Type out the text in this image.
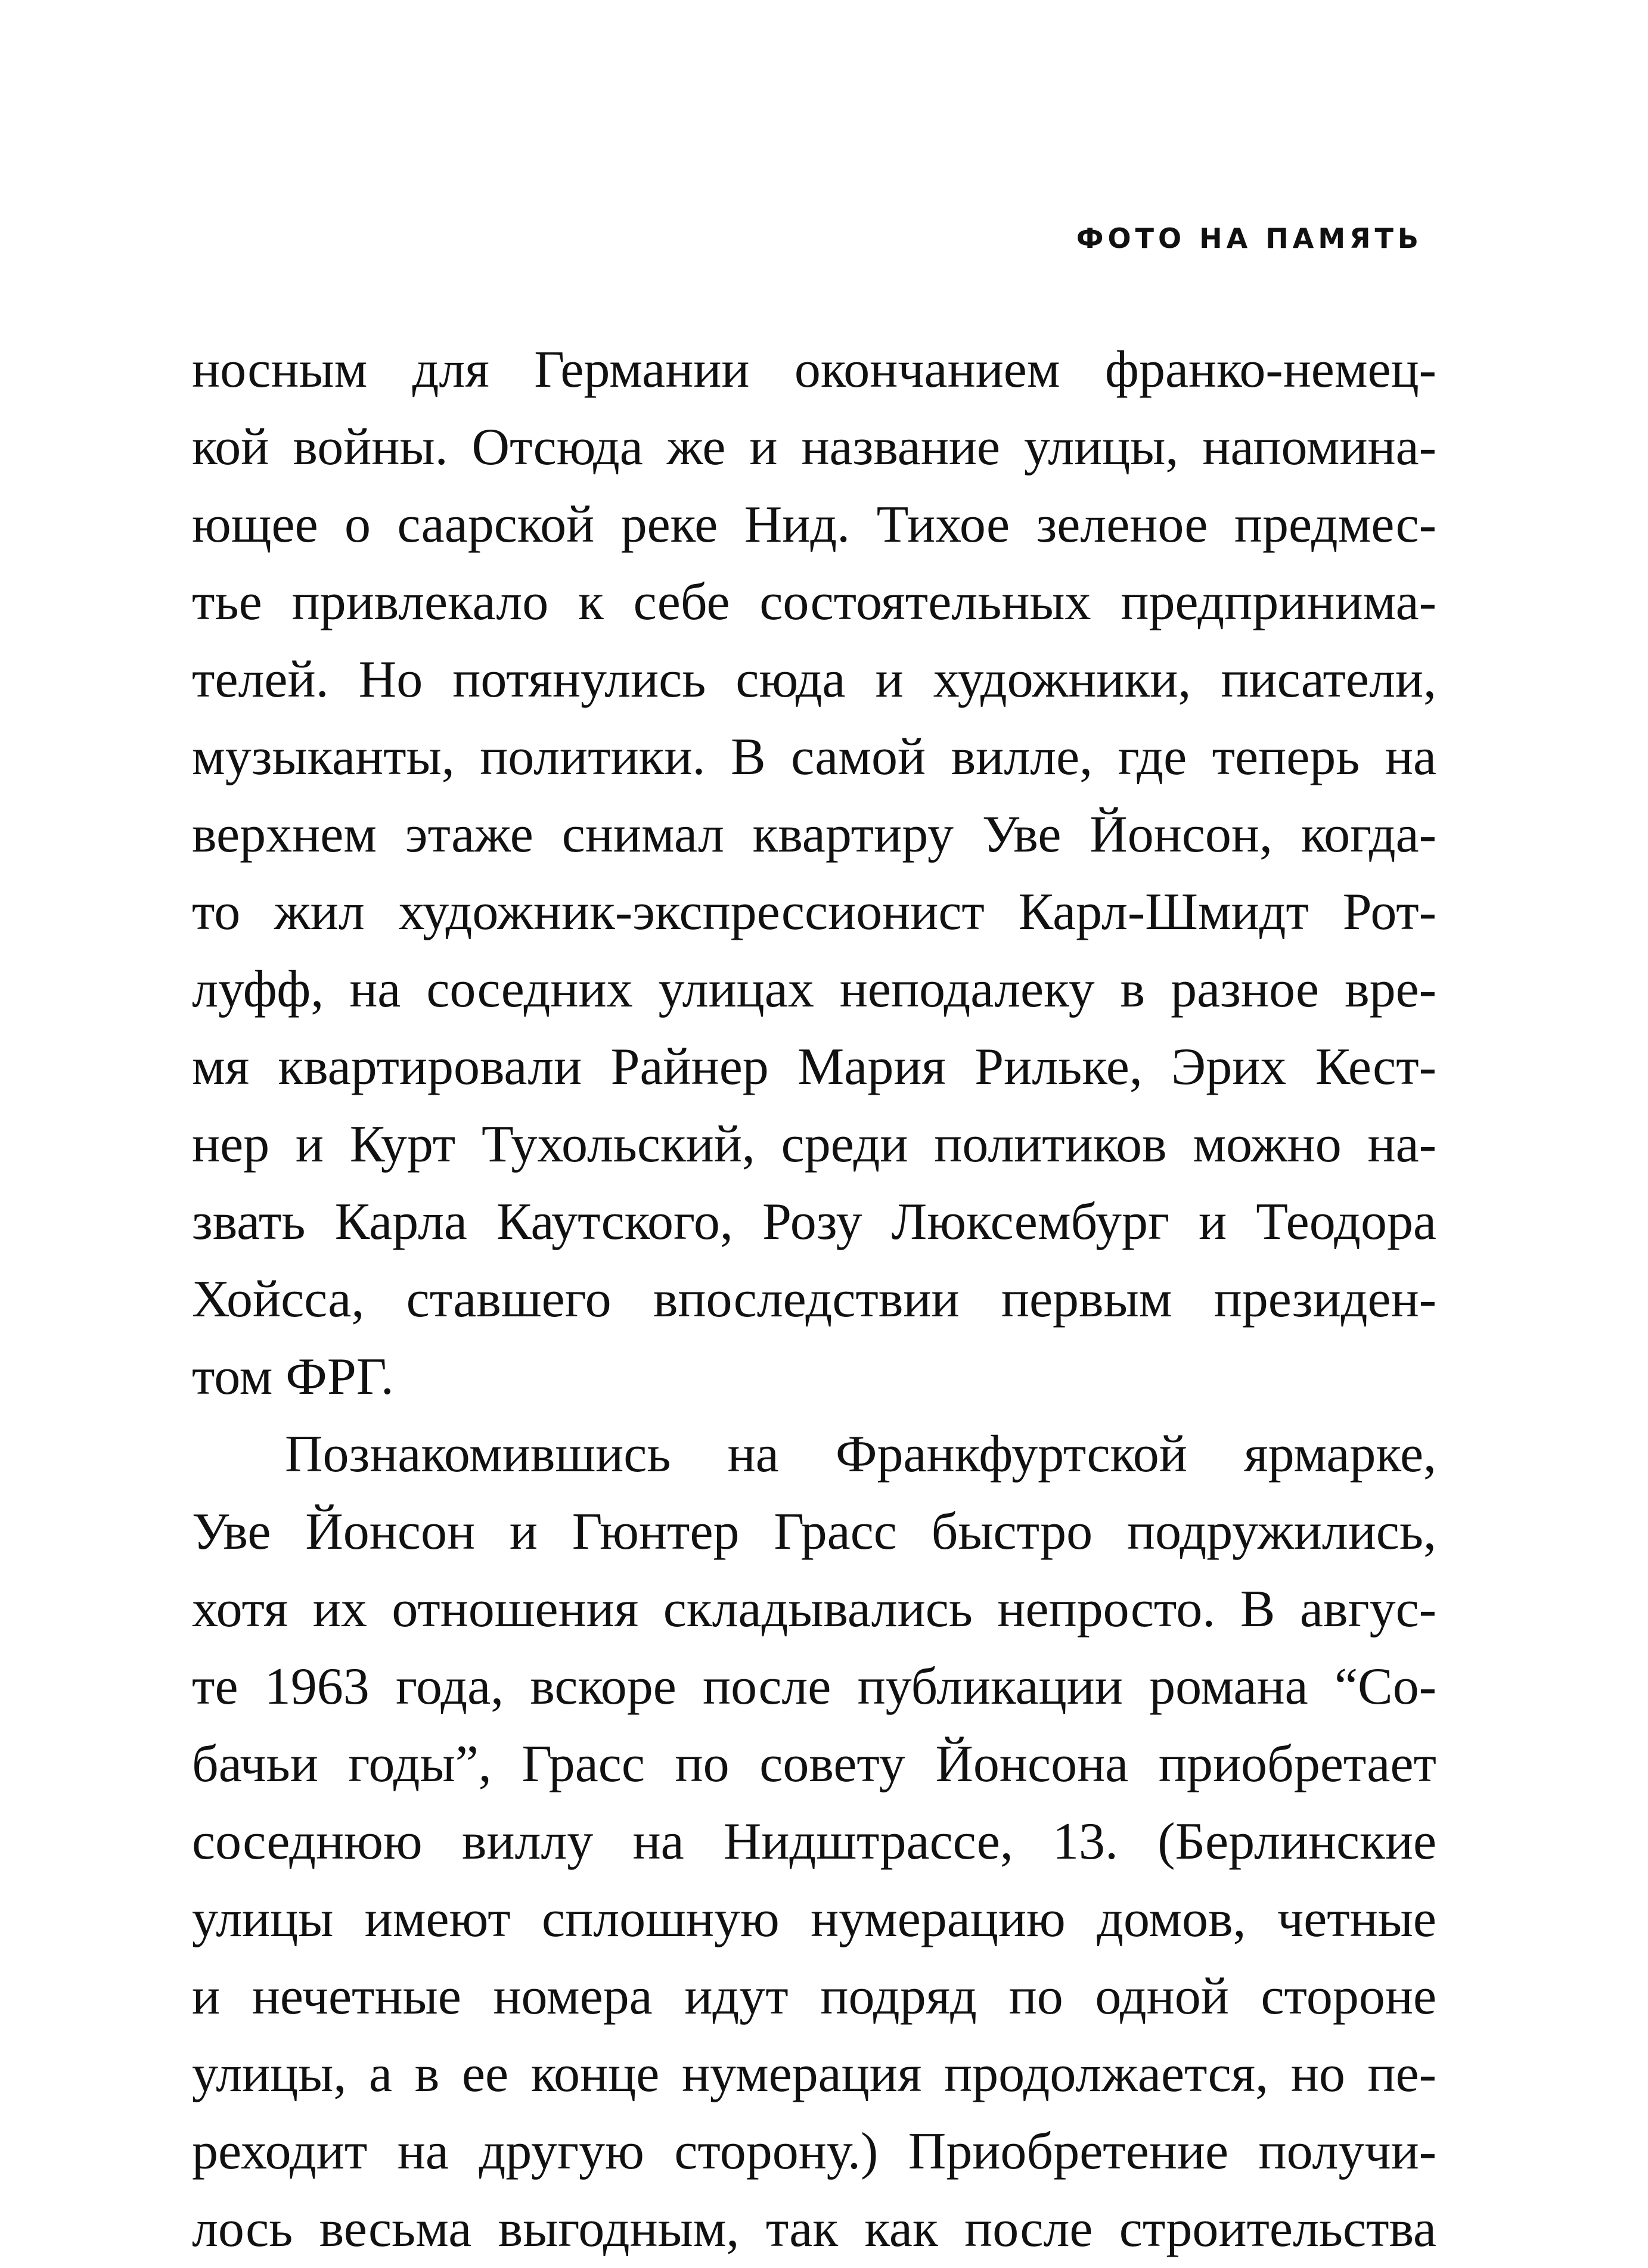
ФОТО НА ПАМЯТЬ
носным для Германии окончанием франко-немец-
кой войны. Отсюда же и название улицы, напомина-
ющее о саарской реке Нид. Тихое зеленое предмес-
тье привлекало к себе состоятельных предпринима-
телей. Но потянулись сюда и художники, писатели,
музыканты, политики. В самой вилле, где теперь на
верхнем этаже снимал квартиру Уве Йонсон, когда-
то жил художник-экспрессионист Карл-Шмидт Рот-
луфф, на соседних улицах неподалеку в разное вре-
мя квартировали Райнер Мария Рильке, Эрих Кест-
нер и Курт Тухольский, среди политиков можно на-
звать Карла Каутского, Розу Люксембург и Теодора
Хойсса, ставшего впоследствии первым президен-
том ФРГ.
Познакомившись на Франкфуртской ярмарке,
Уве Йонсон и Гюнтер Грасс быстро подружились,
хотя их отношения складывались непросто. В авгус-
те 1963 года, вскоре после публикации романа “Со-
бачьи годы”, Грасс по совету Йонсона приобретает
соседнюю виллу на Нидштрассе, 13. (Берлинские
улицы имеют сплошную нумерацию домов, четные
и нечетные номера идут подряд по одной стороне
улицы, а в ее конце нумерация продолжается, но пе-
реходит на другую сторону.) Приобретение получи-
лось весьма выгодным, так как после строительства
